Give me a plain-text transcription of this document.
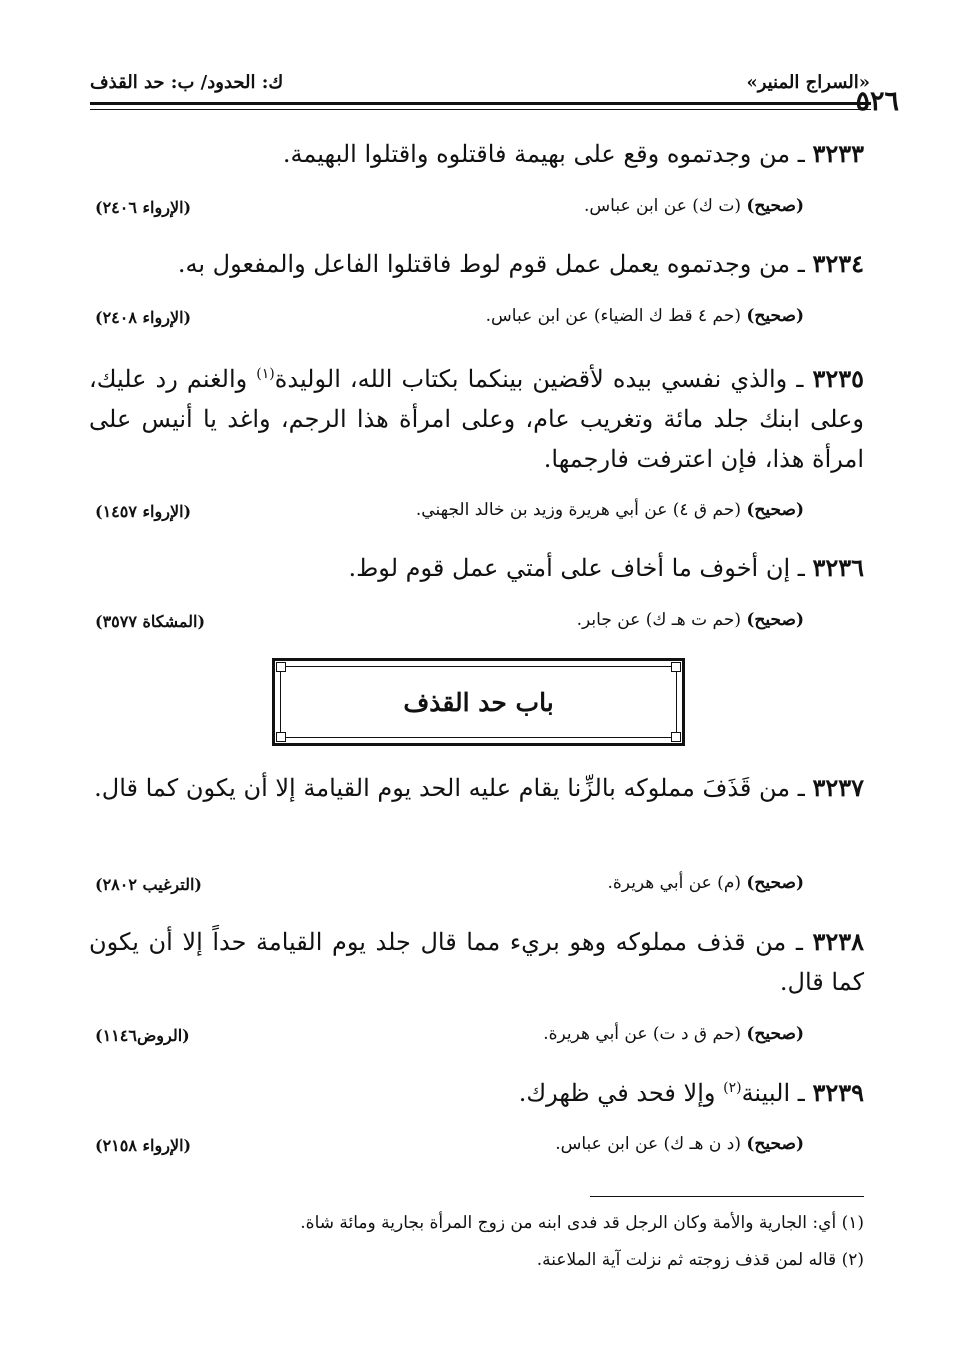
٥٢٦
«السراج المنير»
ك: الحدود/ ب: حد القذف
٣٢٣٣ ـ من وجدتموه وقع على بهيمة فاقتلوه واقتلوا البهيمة.
(صحيح) (ت ك) عن ابن عباس.
(الإرواء ٢٤٠٦)
٣٢٣٤ ـ من وجدتموه يعمل عمل قوم لوط فاقتلوا الفاعل والمفعول به.
(صحيح) (حم ٤ قط ك الضياء) عن ابن عباس.
(الإرواء ٢٤٠٨)
٣٢٣٥ ـ والذي نفسي بيده لأقضين بينكما بكتاب الله، الوليدة$^{(١)}$ والغنم رد عليك، وعلى ابنك جلد مائة وتغريب عام، وعلى امرأة هذا الرجم، واغد يا أنيس على امرأة هذا، فإن اعترفت فارجمها.
(صحيح) (حم ق ٤) عن أبي هريرة وزيد بن خالد الجهني.
(الإرواء ١٤٥٧)
٣٢٣٦ ـ إن أخوف ما أخاف على أمتي عمل قوم لوط.
(صحيح) (حم ت هـ ك) عن جابر.
(المشكاة ٣٥٧٧)
باب حد القذف
٣٢٣٧ ـ من قَذَفَ مملوكه بالزِّنا يقام عليه الحد يوم القيامة إلا أن يكون كما قال.
(صحيح) (م) عن أبي هريرة.
(الترغيب ٢٨٠٢)
٣٢٣٨ ـ من قذف مملوكه وهو بريء مما قال جلد يوم القيامة حداً إلا أن يكون كما قال.
(صحيح) (حم ق د ت) عن أبي هريرة.
(الروض١١٤٦)
٣٢٣٩ ـ البينة$^{(٢)}$ وإلا فحد في ظهرك.
(صحيح) (د ن هـ ك) عن ابن عباس.
(الإرواء ٢١٥٨)
(١) أي: الجارية والأمة وكان الرجل قد فدى ابنه من زوج المرأة بجارية ومائة شاة.
(٢) قاله لمن قذف زوجته ثم نزلت آية الملاعنة.
